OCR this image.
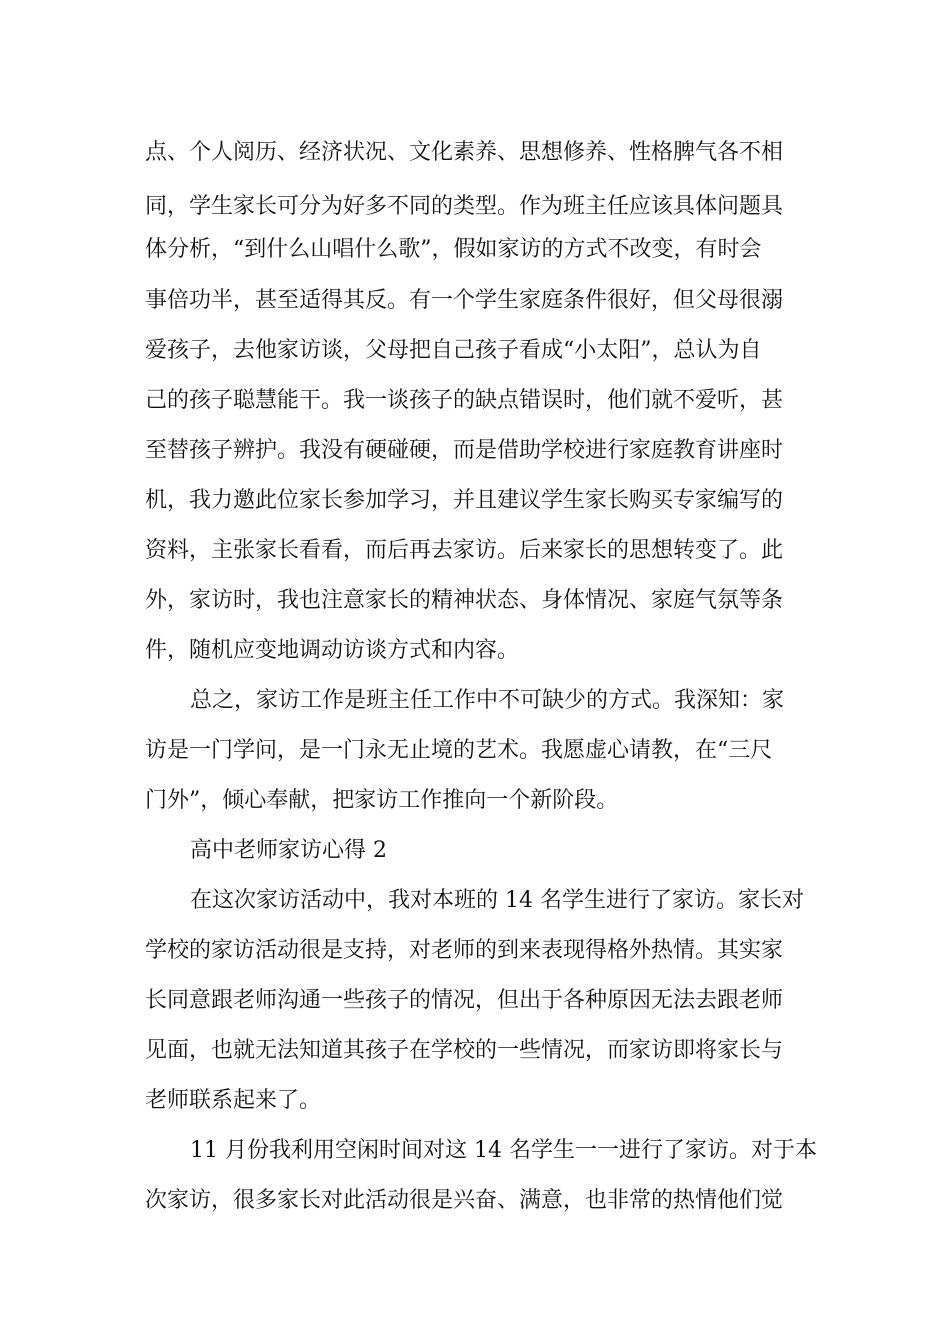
点、个人阅历、经济状况、文化素养、思想修养、性格脾气各不相
同，学生家长可分为好多不同的类型。作为班主任应该具体问题具
体分析，“到什么山唱什么歌”，假如家访的方式不改变，有时会
事倍功半，甚至适得其反。有一个学生家庭条件很好，但父母很溺
爱孩子，去他家访谈，父母把自己孩子看成“小太阳”，总认为自
己的孩子聪慧能干。我一谈孩子的缺点错误时，他们就不爱听，甚
至替孩子辨护。我没有硬碰硬，而是借助学校进行家庭教育讲座时
机，我力邀此位家长参加学习，并且建议学生家长购买专家编写的
资料，主张家长看看，而后再去家访。后来家长的思想转变了。此
外，家访时，我也注意家长的精神状态、身体情况、家庭气氛等条
件，随机应变地调动访谈方式和内容。
总之，家访工作是班主任工作中不可缺少的方式。我深知：家
访是一门学问，是一门永无止境的艺术。我愿虚心请教，在“三尺
门外”，倾心奉献，把家访工作推向一个新阶段。
高中老师家访心得 2
在这次家访活动中，我对本班的 14 名学生进行了家访。家长对
学校的家访活动很是支持，对老师的到来表现得格外热情。其实家
长同意跟老师沟通一些孩子的情况，但出于各种原因无法去跟老师
见面，也就无法知道其孩子在学校的一些情况，而家访即将家长与
老师联系起来了。
11 月份我利用空闲时间对这 14 名学生一一进行了家访。对于本
次家访，很多家长对此活动很是兴奋、满意，也非常的热情他们觉
